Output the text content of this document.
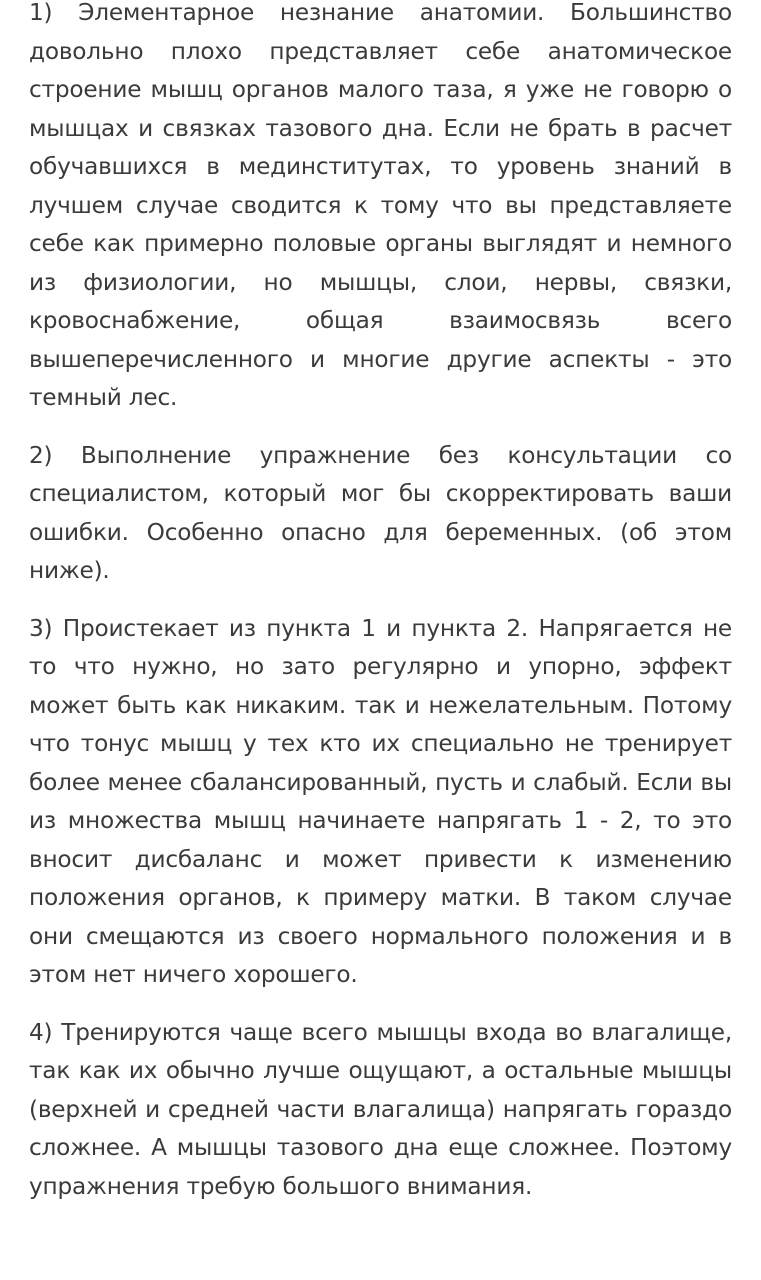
1) Элементарное незнание анатомии. Большинство довольно плохо представляет себе анатомическое строение мышц органов малого таза, я уже не говорю о мышцах и связках тазового дна. Если не брать в расчет обучавшихся в мединститутах, то уровень знаний в лучшем случае сводится к тому что вы представляете себе как примерно половые органы выглядят и немного из физиологии, но мышцы, слои, нервы, связки, кровоснабжение, общая взаимосвязь всего вышеперечисленного и многие другие аспекты - это темный лес.

2) Выполнение упражнение без консультации со специалистом, который мог бы скорректировать ваши ошибки. Особенно опасно для беременных. (об этом ниже).

3) Проистекает из пункта 1 и пункта 2. Напрягается не то что нужно, но зато регулярно и упорно, эффект может быть как никаким. так и нежелательным. Потому что тонус мышц у тех кто их специально не тренирует более менее сбалансированный, пусть и слабый. Если вы из множества мышц начинаете напрягать 1 - 2, то это вносит дисбаланс и может привести к изменению положения органов, к примеру матки. В таком случае они смещаются из своего нормального положения и в этом нет ничего хорошего.

4) Тренируются чаще всего мышцы входа во влагалище, так как их обычно лучше ощущают, а остальные мышцы (верхней и средней части влагалища) напрягать гораздо сложнее. А мышцы тазового дна еще сложнее. Поэтому упражнения требую большого внимания.
